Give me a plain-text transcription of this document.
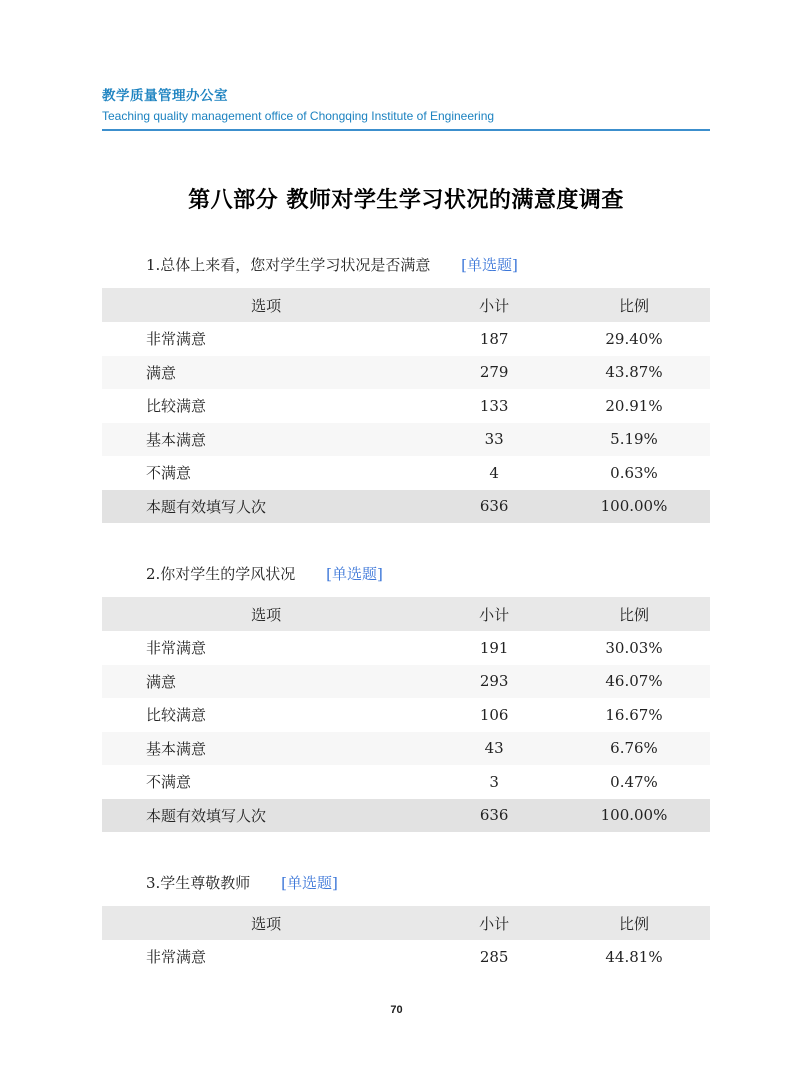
教学质量管理办公室
Teaching quality management office of Chongqing Institute of Engineering
第八部分 教师对学生学习状况的满意度调查
1.总体上来看，您对学生学习状况是否满意 [单选题]
选项	小计	比例
非常满意	187	29.40%
满意	279	43.87%
比较满意	133	20.91%
基本满意	33	5.19%
不满意	4	0.63%
本题有效填写人次	636	100.00%
2.你对学生的学风状况 [单选题]
选项	小计	比例
非常满意	191	30.03%
满意	293	46.07%
比较满意	106	16.67%
基本满意	43	6.76%
不满意	3	0.47%
本题有效填写人次	636	100.00%
3.学生尊敬教师 [单选题]
选项	小计	比例
非常满意	285	44.81%
70
